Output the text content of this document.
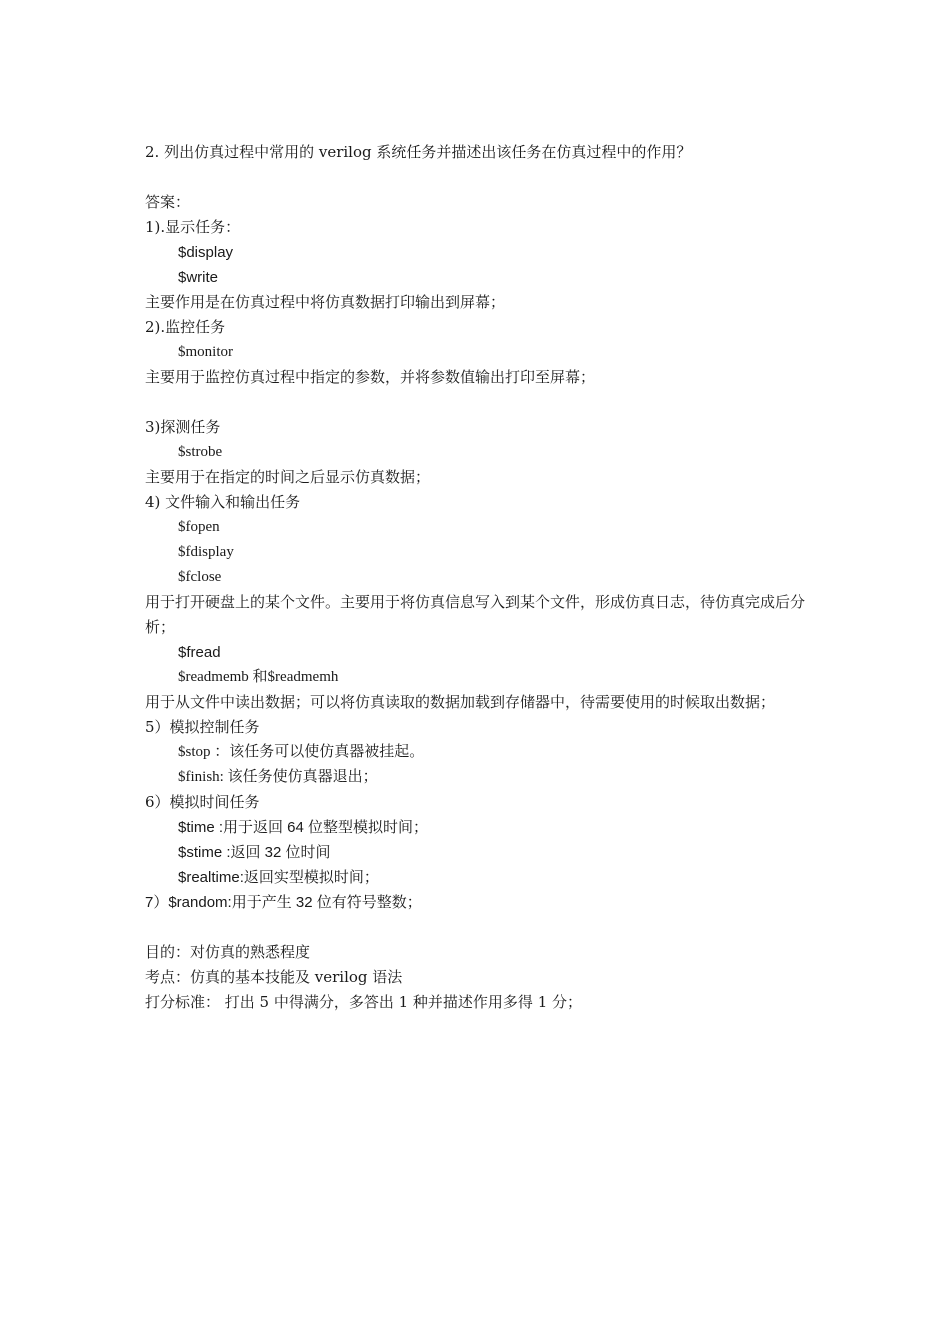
2. 列出仿真过程中常用的 verilog 系统任务并描述出该任务在仿真过程中的作用？
答案：
1).显示任务：
$display
$write
主要作用是在仿真过程中将仿真数据打印输出到屏幕；
2).监控任务
$monitor
主要用于监控仿真过程中指定的参数，并将参数值输出打印至屏幕；
3)探测任务
$strobe
主要用于在指定的时间之后显示仿真数据；
4) 文件输入和输出任务
$fopen
$fdisplay
$fclose
用于打开硬盘上的某个文件。主要用于将仿真信息写入到某个文件，形成仿真日志，待仿真完成后分析；
$fread
$readmemb 和$readmemh
用于从文件中读出数据；可以将仿真读取的数据加载到存储器中，待需要使用的时候取出数据；
5）模拟控制任务
$stop ：该任务可以使仿真器被挂起。
$finish: 该任务使仿真器退出；
6）模拟时间任务
$time :用于返回 64 位整型模拟时间；
$stime :返回 32 位时间
$realtime:返回实型模拟时间；
7）$random:用于产生 32 位有符号整数；
目的：对仿真的熟悉程度
考点：仿真的基本技能及 verilog 语法
打分标准： 打出 5 中得满分，多答出 1 种并描述作用多得 1 分；
